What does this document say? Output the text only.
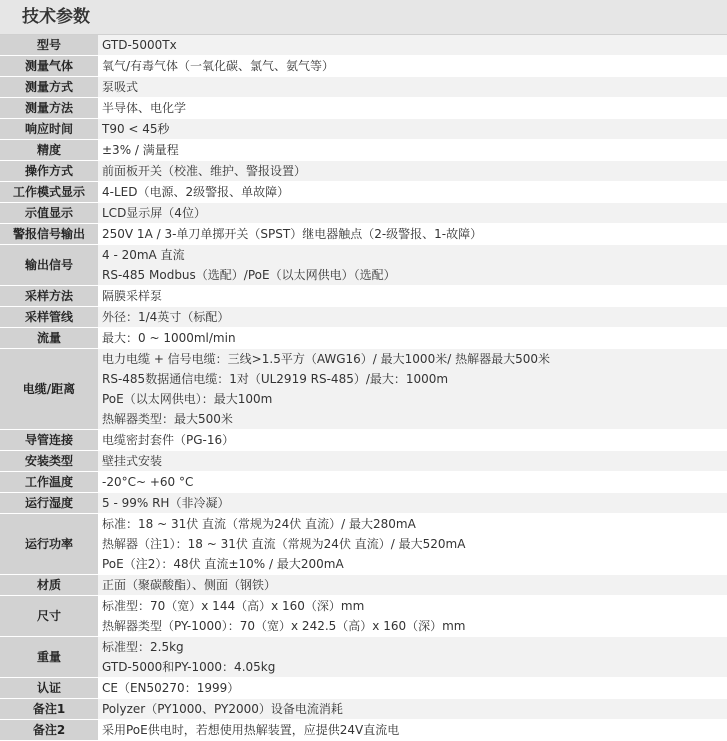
技术参数
型号	GTD-5000Tx

测量气体	氧气/有毒气体（一氧化碳、氯气、氨气等）

测量方式	泵吸式

测量方法	半导体、电化学

响应时间	T90 < 45秒

精度	±3% / 满量程

操作方式	前面板开关（校准、维护、警报设置）

工作模式显示	4-LED（电源、2级警报、单故障）

示值显示	LCD显示屏（4位）

警报信号输出	250V 1A / 3-单刀单掷开关（SPST）继电器触点（2-级警报、1-故障）

输出信号	4 - 20mA 直流
RS-485 Modbus（选配）/PoE（以太网供电）（选配）

采样方法	隔膜采样泵

采样管线	外径：1/4英寸（标配）

流量	最大：0 ~ 1000ml/min

电缆/距离	电力电缆 + 信号电缆：三线>1.5平方（AWG16）/ 最大1000米/ 热解器最大500米
RS-485数据通信电缆：1对（UL2919 RS-485）/最大：1000m
PoE（以太网供电）：最大100m
热解器类型：最大500米

导管连接	电缆密封套件（PG-16）

安装类型	壁挂式安装

工作温度	-20°C~ +60 °C

运行湿度	5 - 99% RH（非冷凝）

运行功率	标准：18 ~ 31伏 直流（常规为24伏 直流）/ 最大280mA
热解器（注1）：18 ~ 31伏 直流（常规为24伏 直流）/ 最大520mA
PoE（注2）：48伏 直流±10% / 最大200mA

材质	正面（聚碳酸酯）、侧面（钢铁）

尺寸	标准型：70（宽）x 144（高）x 160（深）mm
热解器类型（PY-1000）：70（宽）x 242.5（高）x 160（深）mm

重量	标准型：2.5kg
GTD-5000和PY-1000：4.05kg

认证	CE（EN50270：1999）

备注1	Polyzer（PY1000、PY2000）设备电流消耗

备注2	采用PoE供电时，若想使用热解装置，应提供24V直流电
